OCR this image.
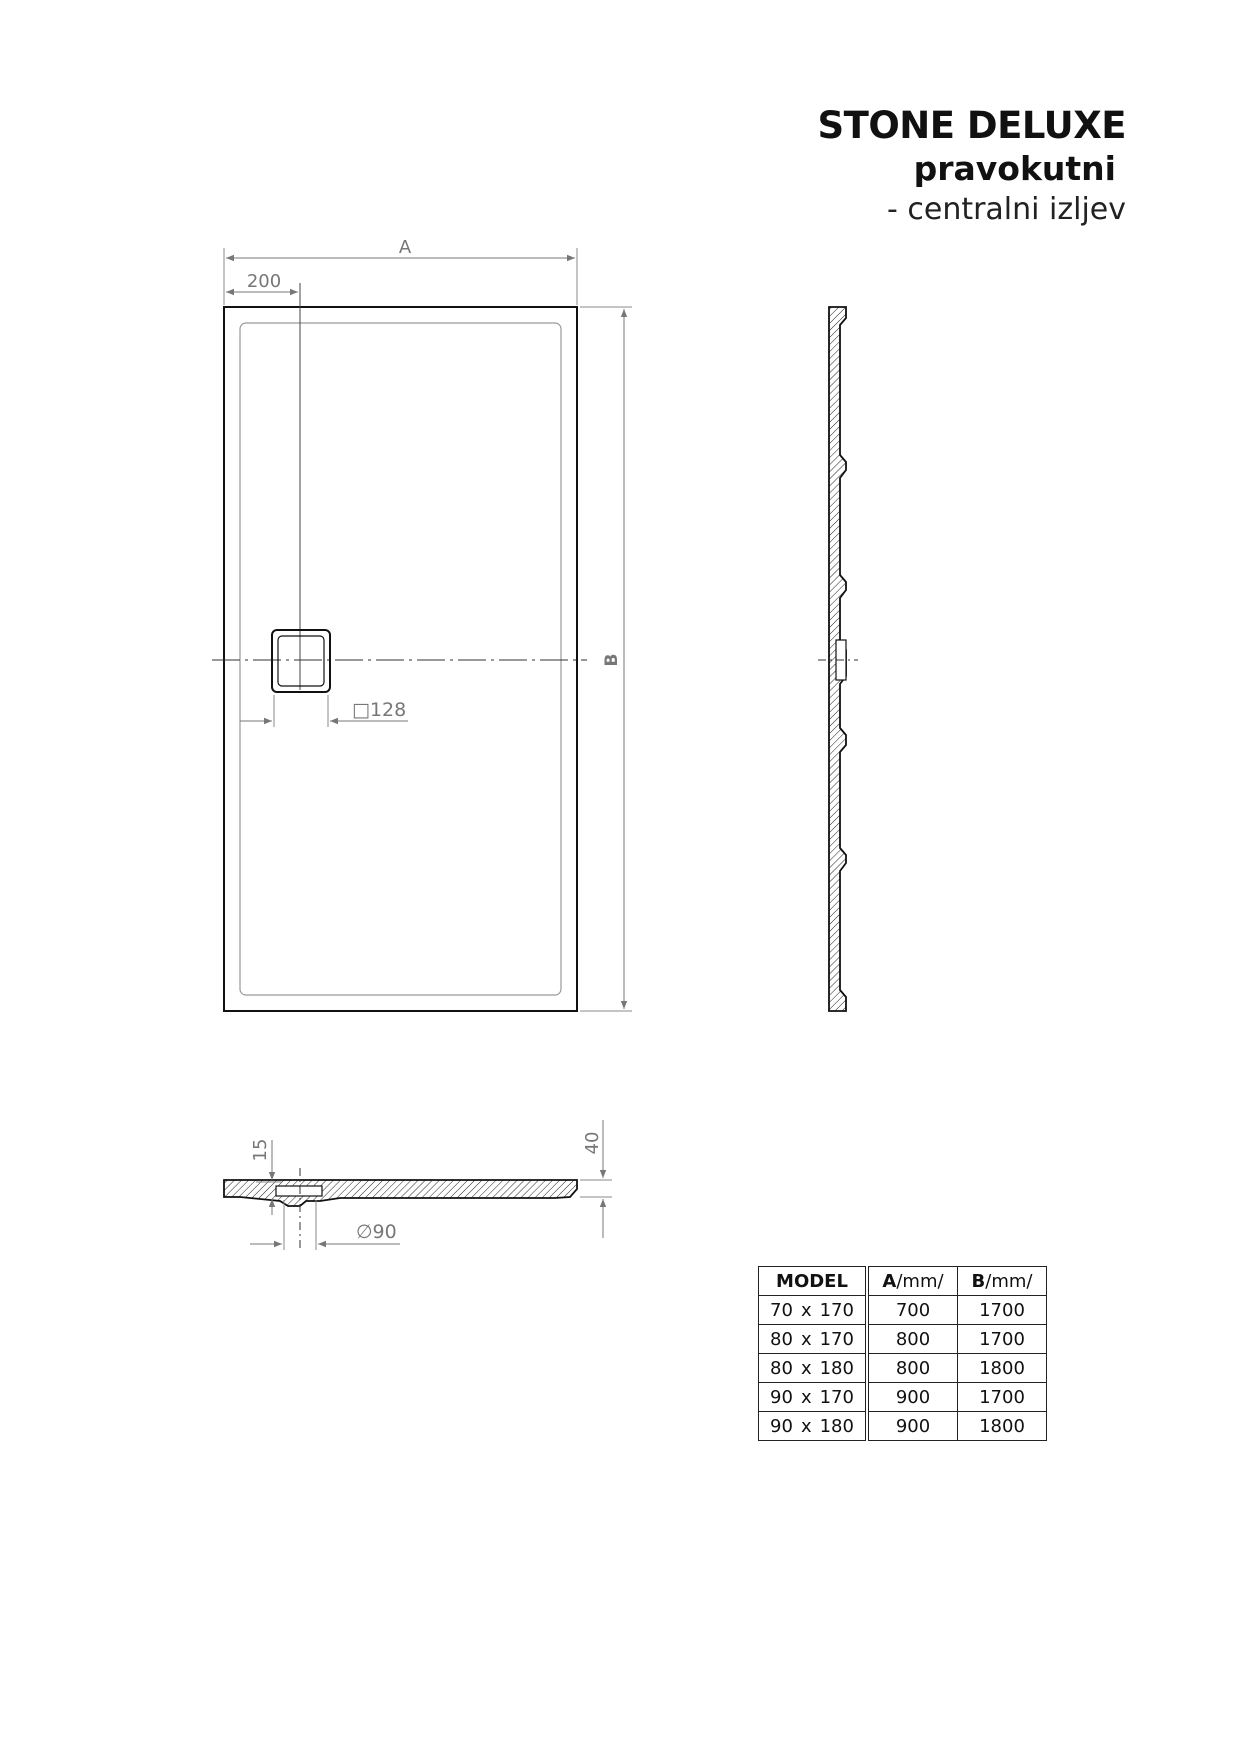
STONE DELUXE
pravokutni
- centralni izljev
A
200
B
□128
15	40
∅90
MODEL	A/mm/	B/mm/
70 x 170	700	1700
80 x 170	800	1700
80 x 180	800	1800
90 x 170	900	1700
90 x 180	900	1800
